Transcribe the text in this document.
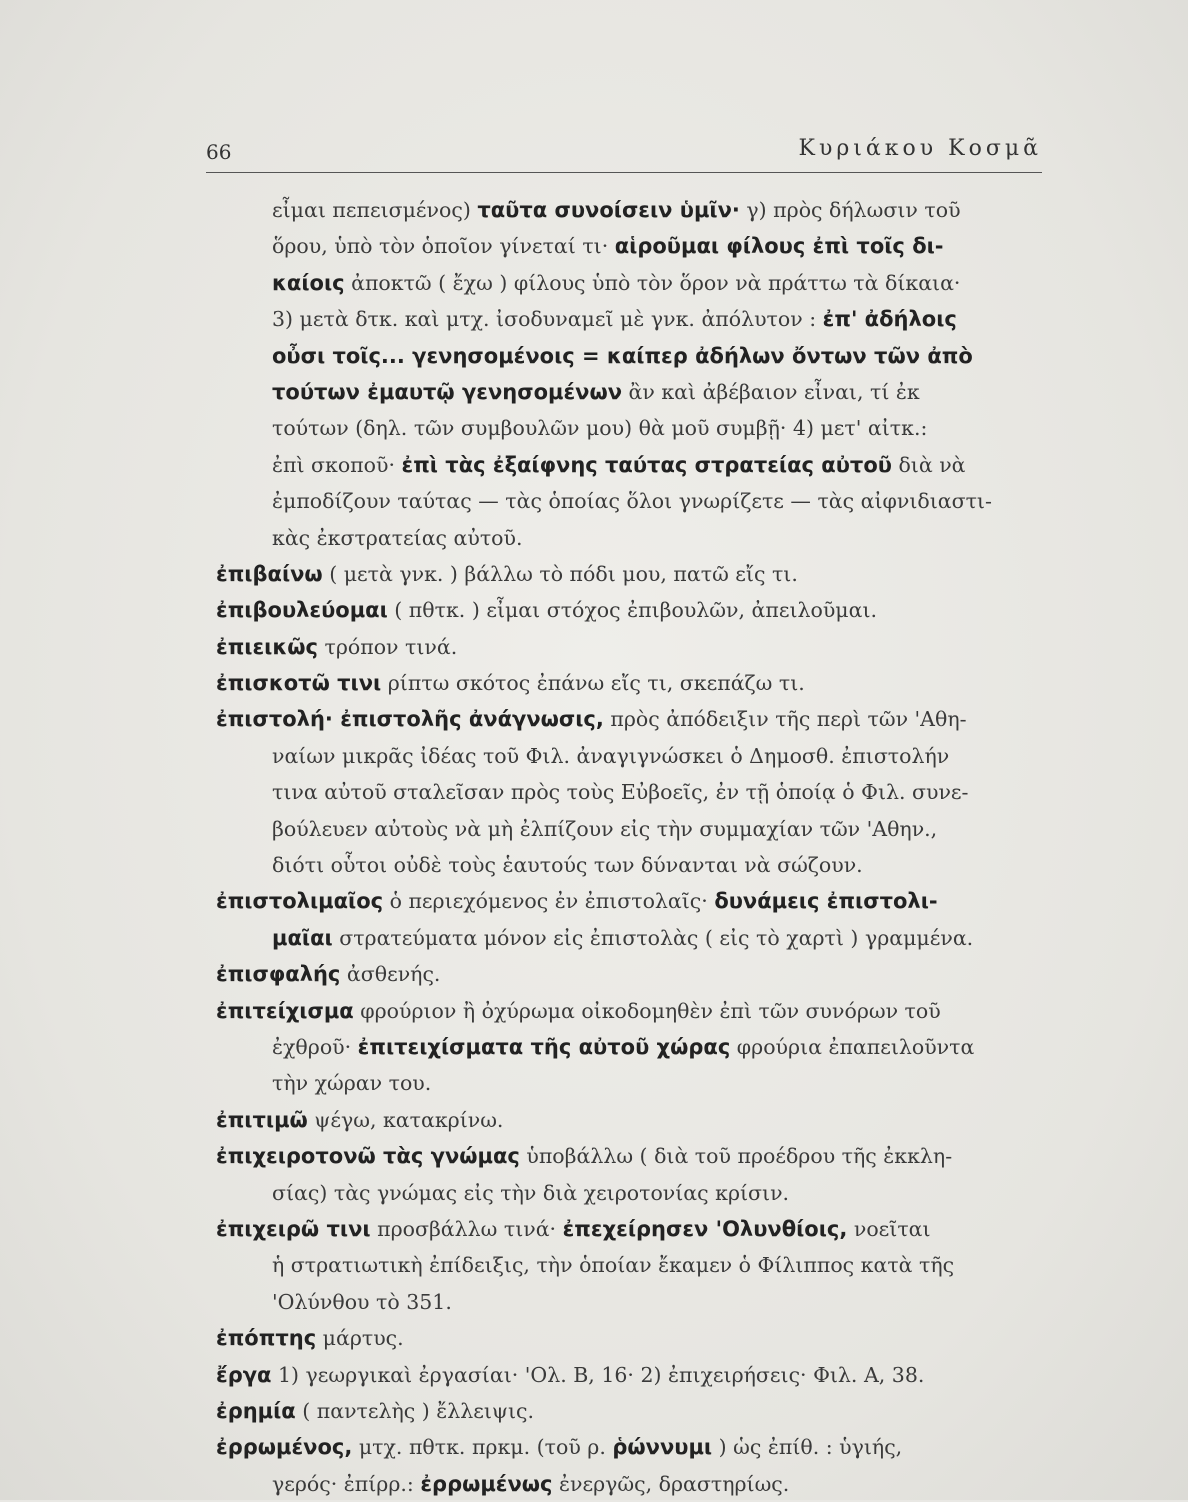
66	Κυριάκου Κοσμᾶ
εἶμαι πεπεισμένος) ταῦτα συνοίσειν ὑμῖν· γ) πρὸς δήλωσιν τοῦ
ὅρου, ὑπὸ τὸν ὁποῖον γίνεταί τι· αἱροῦμαι φίλους ἐπὶ τοῖς δι-
καίοις ἀποκτῶ ( ἔχω ) φίλους ὑπὸ τὸν ὅρον νὰ πράττω τὰ δίκαια·
3) μετὰ δτκ. καὶ μτχ. ἰσοδυναμεῖ μὲ γνκ. ἀπόλυτον : ἐπ' ἀδήλοις
οὖσι τοῖς... γενησομένοις = καίπερ ἀδήλων ὄντων τῶν ἀπὸ
τούτων ἐμαυτῷ γενησομένων ἂν καὶ ἀβέβαιον εἶναι, τί ἐκ
τούτων (δηλ. τῶν συμβουλῶν μου) θὰ μοῦ συμβῇ· 4) μετ' αἰτκ.:
ἐπὶ σκοποῦ· ἐπὶ τὰς ἐξαίφνης ταύτας στρατείας αὐτοῦ διὰ νὰ
ἐμποδίζουν ταύτας — τὰς ὁποίας ὅλοι γνωρίζετε — τὰς αἰφνιδιαστι-
κὰς ἐκστρατείας αὐτοῦ.
ἐπιβαίνω ( μετὰ γνκ. ) βάλλω τὸ πόδι μου, πατῶ εἴς τι.
ἐπιβουλεύομαι ( πθτκ. ) εἶμαι στόχος ἐπιβουλῶν, ἀπειλοῦμαι.
ἐπιεικῶς τρόπον τινά.
ἐπισκοτῶ τινι ρίπτω σκότος ἐπάνω εἴς τι, σκεπάζω τι.
ἐπιστολή· ἐπιστολῆς ἀνάγνωσις, πρὸς ἀπόδειξιν τῆς περὶ τῶν 'Αθη-
ναίων μικρᾶς ἰδέας τοῦ Φιλ. ἀναγιγνώσκει ὁ Δημοσθ. ἐπιστολήν
τινα αὐτοῦ σταλεῖσαν πρὸς τοὺς Εὐβοεῖς, ἐν τῇ ὁποίᾳ ὁ Φιλ. συνε-
βούλευεν αὐτοὺς νὰ μὴ ἐλπίζουν εἰς τὴν συμμαχίαν τῶν 'Αθην.,
διότι οὗτοι οὐδὲ τοὺς ἑαυτούς των δύνανται νὰ σώζουν.
ἐπιστολιμαῖος ὁ περιεχόμενος ἐν ἐπιστολαῖς· δυνάμεις ἐπιστολι-
μαῖαι στρατεύματα μόνον εἰς ἐπιστολὰς ( εἰς τὸ χαρτὶ ) γραμμένα.
ἐπισφαλής ἀσθενής.
ἐπιτείχισμα φρούριον ἢ ὀχύρωμα οἰκοδομηθὲν ἐπὶ τῶν συνόρων τοῦ
ἐχθροῦ· ἐπιτειχίσματα τῆς αὐτοῦ χώρας φρούρια ἐπαπειλοῦντα
τὴν χώραν του.
ἐπιτιμῶ ψέγω, κατακρίνω.
ἐπιχειροτονῶ τὰς γνώμας ὑποβάλλω ( διὰ τοῦ προέδρου τῆς ἐκκλη-
σίας) τὰς γνώμας εἰς τὴν διὰ χειροτονίας κρίσιν.
ἐπιχειρῶ τινι προσβάλλω τινά· ἐπεχείρησεν 'Ολυνθίοις, νοεῖται
ἡ στρατιωτικὴ ἐπίδειξις, τὴν ὁποίαν ἔκαμεν ὁ Φίλιππος κατὰ τῆς
'Ολύνθου τὸ 351.
ἐπόπτης μάρτυς.
ἔργα 1) γεωργικαὶ ἐργασίαι· 'Ολ. Β, 16· 2) ἐπιχειρήσεις· Φιλ. Α, 38.
ἐρημία ( παντελὴς ) ἔλλειψις.
ἐρρωμένος, μτχ. πθτκ. πρκμ. (τοῦ ρ. ῥώννυμι ) ὡς ἐπίθ. : ὑγιής,
γερός· ἐπίρρ.: ἐρρωμένως ἐνεργῶς, δραστηρίως.
